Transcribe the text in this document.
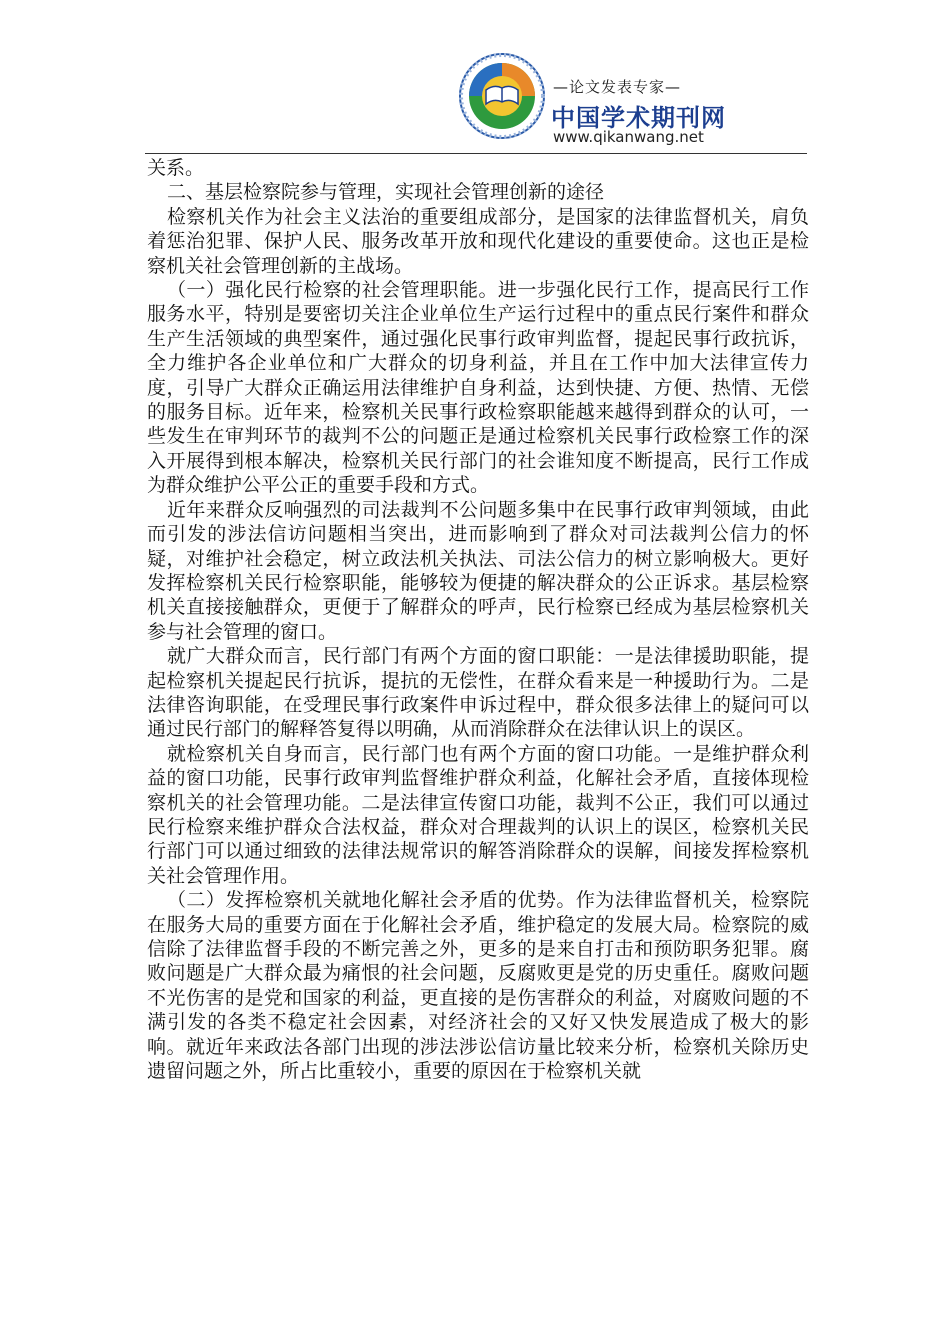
—论文发表专家—
中国学术期刊网
www.qikanwang.net

关系。

二、基层检察院参与管理，实现社会管理创新的途径

检察机关作为社会主义法治的重要组成部分，是国家的法律监督机关，肩负着惩治犯罪、保护人民、服务改革开放和现代化建设的重要使命。这也正是检察机关社会管理创新的主战场。

（一）强化民行检察的社会管理职能。进一步强化民行工作，提高民行工作服务水平，特别是要密切关注企业单位生产运行过程中的重点民行案件和群众生产生活领域的典型案件，通过强化民事行政审判监督，提起民事行政抗诉，全力维护各企业单位和广大群众的切身利益，并且在工作中加大法律宣传力度，引导广大群众正确运用法律维护自身利益，达到快捷、方便、热情、无偿的服务目标。近年来，检察机关民事行政检察职能越来越得到群众的认可，一些发生在审判环节的裁判不公的问题正是通过检察机关民事行政检察工作的深入开展得到根本解决，检察机关民行部门的社会谁知度不断提高，民行工作成为群众维护公平公正的重要手段和方式。

近年来群众反响强烈的司法裁判不公问题多集中在民事行政审判领域，由此而引发的涉法信访问题相当突出，进而影响到了群众对司法裁判公信力的怀疑，对维护社会稳定，树立政法机关执法、司法公信力的树立影响极大。更好发挥检察机关民行检察职能，能够较为便捷的解决群众的公正诉求。基层检察机关直接接触群众，更便于了解群众的呼声，民行检察已经成为基层检察机关参与社会管理的窗口。

就广大群众而言，民行部门有两个方面的窗口职能：一是法律援助职能，提起检察机关提起民行抗诉，提抗的无偿性，在群众看来是一种援助行为。二是法律咨询职能，在受理民事行政案件申诉过程中，群众很多法律上的疑问可以通过民行部门的解释答复得以明确，从而消除群众在法律认识上的误区。

就检察机关自身而言，民行部门也有两个方面的窗口功能。一是维护群众利益的窗口功能，民事行政审判监督维护群众利益，化解社会矛盾，直接体现检察机关的社会管理功能。二是法律宣传窗口功能，裁判不公正，我们可以通过民行检察来维护群众合法权益，群众对合理裁判的认识上的误区，检察机关民行部门可以通过细致的法律法规常识的解答消除群众的误解，间接发挥检察机关社会管理作用。

（二）发挥检察机关就地化解社会矛盾的优势。作为法律监督机关，检察院在服务大局的重要方面在于化解社会矛盾，维护稳定的发展大局。检察院的威信除了法律监督手段的不断完善之外，更多的是来自打击和预防职务犯罪。腐败问题是广大群众最为痛恨的社会问题，反腐败更是党的历史重任。腐败问题不光伤害的是党和国家的利益，更直接的是伤害群众的利益，对腐败问题的不满引发的各类不稳定社会因素，对经济社会的又好又快发展造成了极大的影响。就近年来政法各部门出现的涉法涉讼信访量比较来分析，检察机关除历史遗留问题之外，所占比重较小，重要的原因在于检察机关就
